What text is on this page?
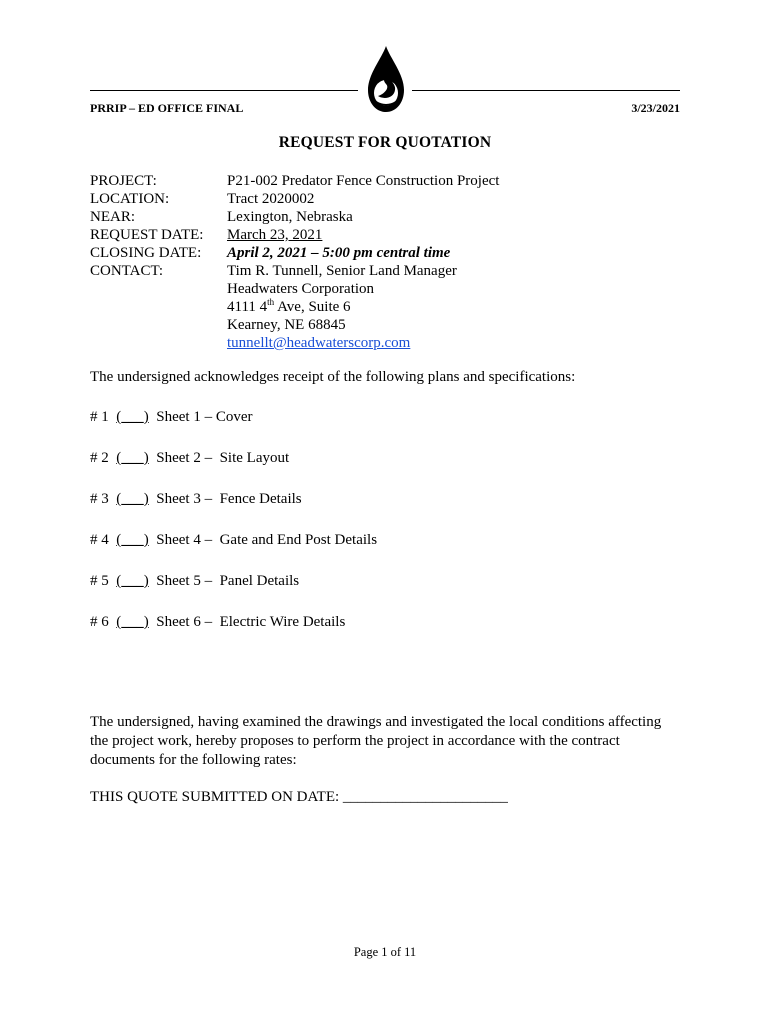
PRRIP – ED OFFICE FINAL	3/23/2021
REQUEST FOR QUOTATION
PROJECT:	P21-002 Predator Fence Construction Project
LOCATION:	Tract 2020002
NEAR:	Lexington, Nebraska
REQUEST DATE:	March 23, 2021
CLOSING DATE:	April 2, 2021 – 5:00 pm central time
CONTACT:	Tim R. Tunnell, Senior Land Manager
Headwaters Corporation
4111 4th Ave, Suite 6
Kearney, NE 68845
tunnellt@headwaterscorp.com
The undersigned acknowledges receipt of the following plans and specifications:
# 1 (___) Sheet 1 – Cover
# 2 (___) Sheet 2 –  Site Layout
# 3 (___) Sheet 3 –  Fence Details
# 4 (___) Sheet 4 –  Gate and End Post Details
# 5 (___) Sheet 5 –  Panel Details
# 6 (___) Sheet 6 –  Electric Wire Details
The undersigned, having examined the drawings and investigated the local conditions affecting
the project work, hereby proposes to perform the project in accordance with the contract
documents for the following rates:
THIS QUOTE SUBMITTED ON DATE: ______________________
Page 1 of 11
